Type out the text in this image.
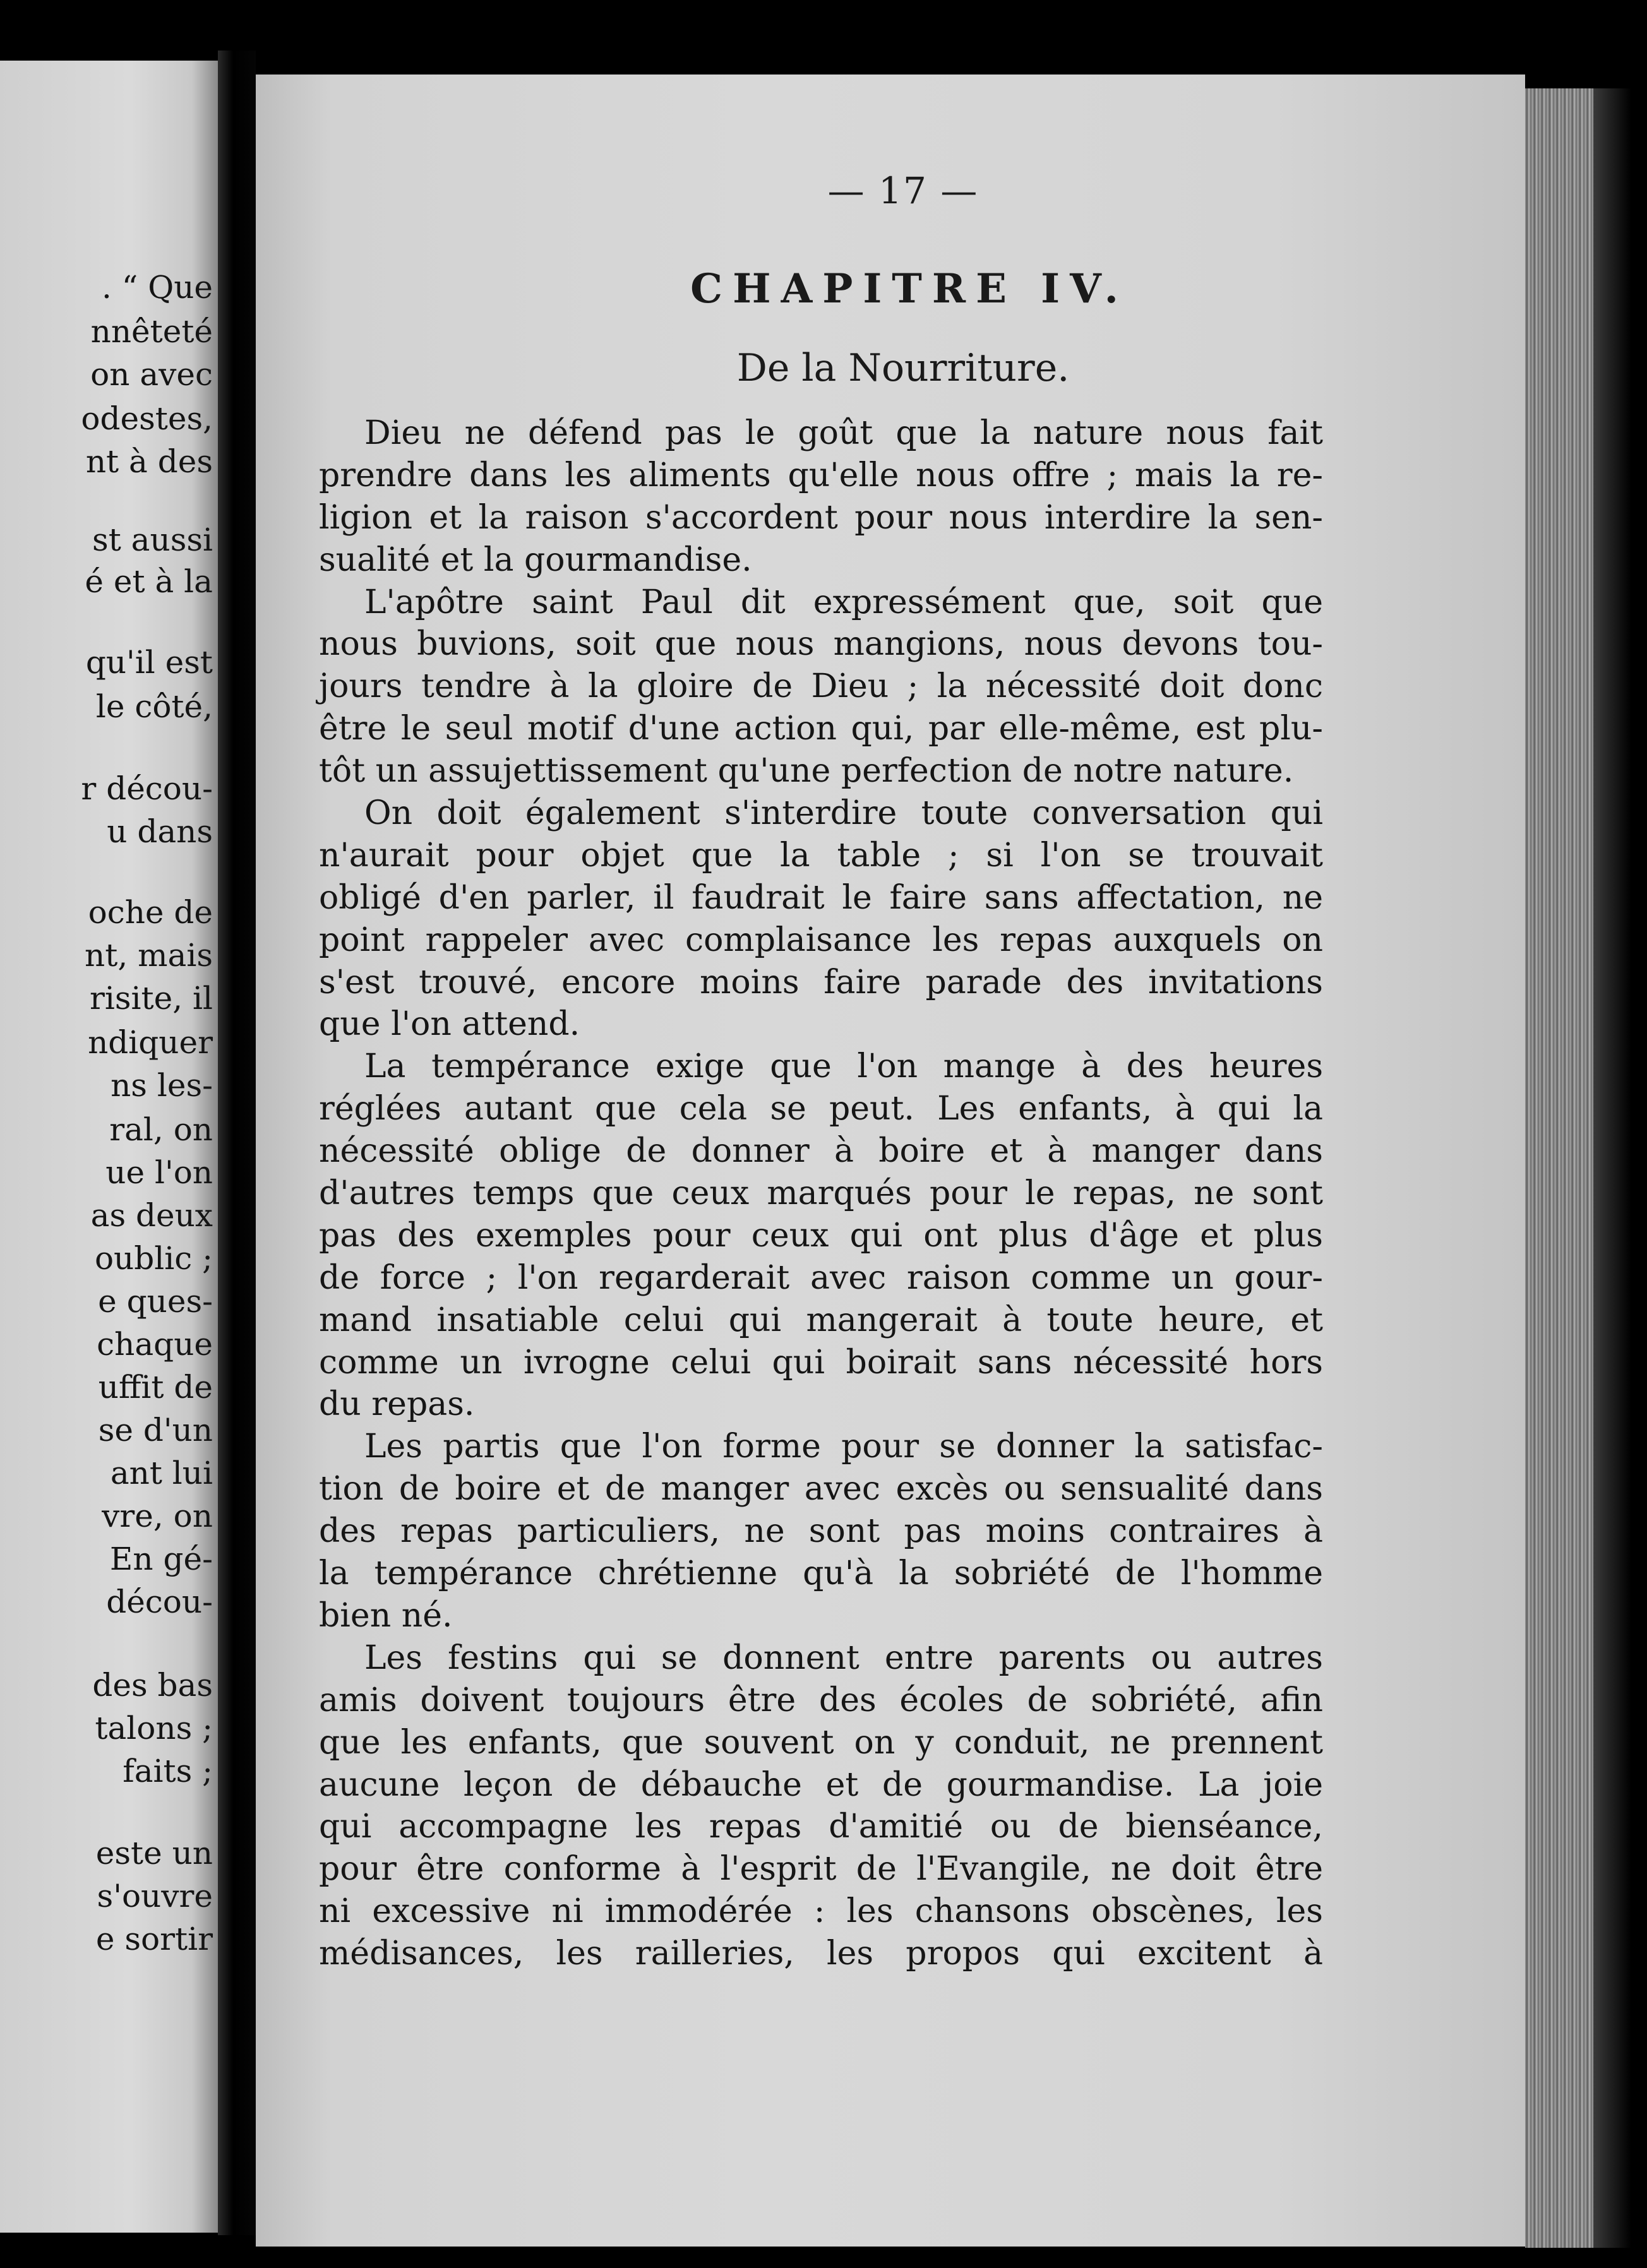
. “ Que
nnêteté
on avec
odestes,
nt à des
st aussi
é et à la
qu'il est
le côté,
r décou-
u dans
oche de
nt, mais
risite, il
ndiquer
ns les-
ral, on
ue l'on
as deux
oublic ;
e ques-
chaque
uffit de
se d'un
ant lui
vre, on
En gé-
décou-
des bas
talons ;
faits ;
este un
s'ouvre
e sortir
— 17 —
CHAPITRE IV.
De la Nourriture.
Dieu ne défend pas le goût que la nature nous fait
prendre dans les aliments qu'elle nous offre ; mais la re-
ligion et la raison s'accordent pour nous interdire la sen-
sualité et la gourmandise.
L'apôtre saint Paul dit expressément que, soit que
nous buvions, soit que nous mangions, nous devons tou-
jours tendre à la gloire de Dieu ; la nécessité doit donc
être le seul motif d'une action qui, par elle-même, est plu-
tôt un assujettissement qu'une perfection de notre nature.
On doit également s'interdire toute conversation qui
n'aurait pour objet que la table ; si l'on se trouvait
obligé d'en parler, il faudrait le faire sans affectation, ne
point rappeler avec complaisance les repas auxquels on
s'est trouvé, encore moins faire parade des invitations
que l'on attend.
La tempérance exige que l'on mange à des heures
réglées autant que cela se peut. Les enfants, à qui la
nécessité oblige de donner à boire et à manger dans
d'autres temps que ceux marqués pour le repas, ne sont
pas des exemples pour ceux qui ont plus d'âge et plus
de force ; l'on regarderait avec raison comme un gour-
mand insatiable celui qui mangerait à toute heure, et
comme un ivrogne celui qui boirait sans nécessité hors
du repas.
Les partis que l'on forme pour se donner la satisfac-
tion de boire et de manger avec excès ou sensualité dans
des repas particuliers, ne sont pas moins contraires à
la tempérance chrétienne qu'à la sobriété de l'homme
bien né.
Les festins qui se donnent entre parents ou autres
amis doivent toujours être des écoles de sobriété, afin
que les enfants, que souvent on y conduit, ne prennent
aucune leçon de débauche et de gourmandise. La joie
qui accompagne les repas d'amitié ou de bienséance,
pour être conforme à l'esprit de l'Evangile, ne doit être
ni excessive ni immodérée : les chansons obscènes, les
médisances, les railleries, les propos qui excitent à
